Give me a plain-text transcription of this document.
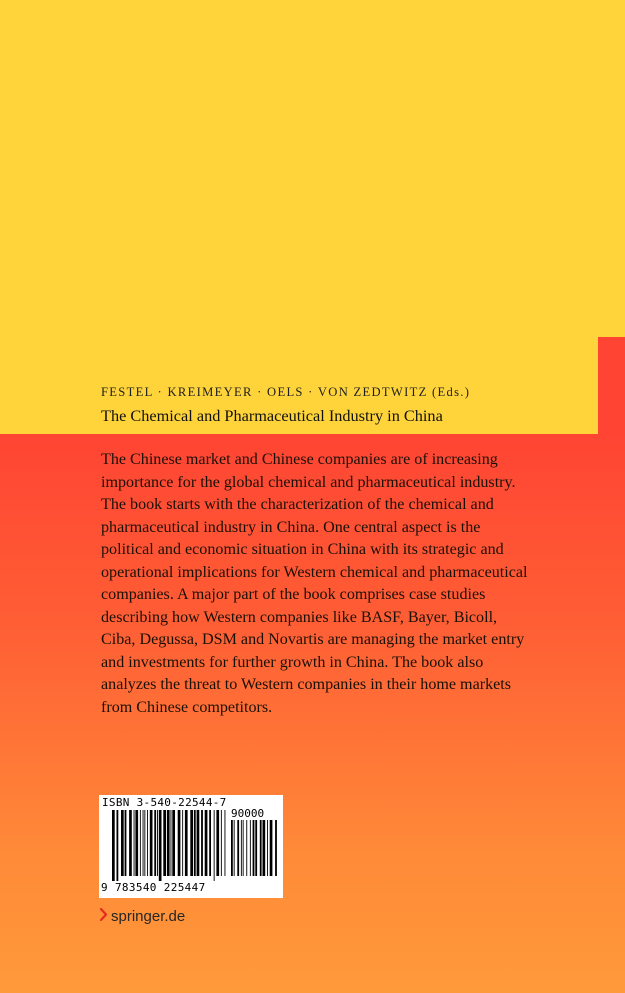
FESTEL · KREIMEYER · OELS · VON ZEDTWITZ (Eds.)
The Chemical and Pharmaceutical Industry in China

The Chinese market and Chinese companies are of increasing importance for the global chemical and pharmaceutical industry. The book starts with the characterization of the chemical and pharmaceutical industry in China. One central aspect is the political and economic situation in China with its strategic and operational implications for Western chemical and pharmaceutical companies. A major part of the book comprises case studies describing how Western companies like BASF, Bayer, Bicoll, Ciba, Degussa, DSM and Novartis are managing the market entry and investments for further growth in China. The book also analyzes the threat to Western companies in their home markets from Chinese competitors.

ISBN 3-540-22544-7
90000
9 783540 225447
springer.de
